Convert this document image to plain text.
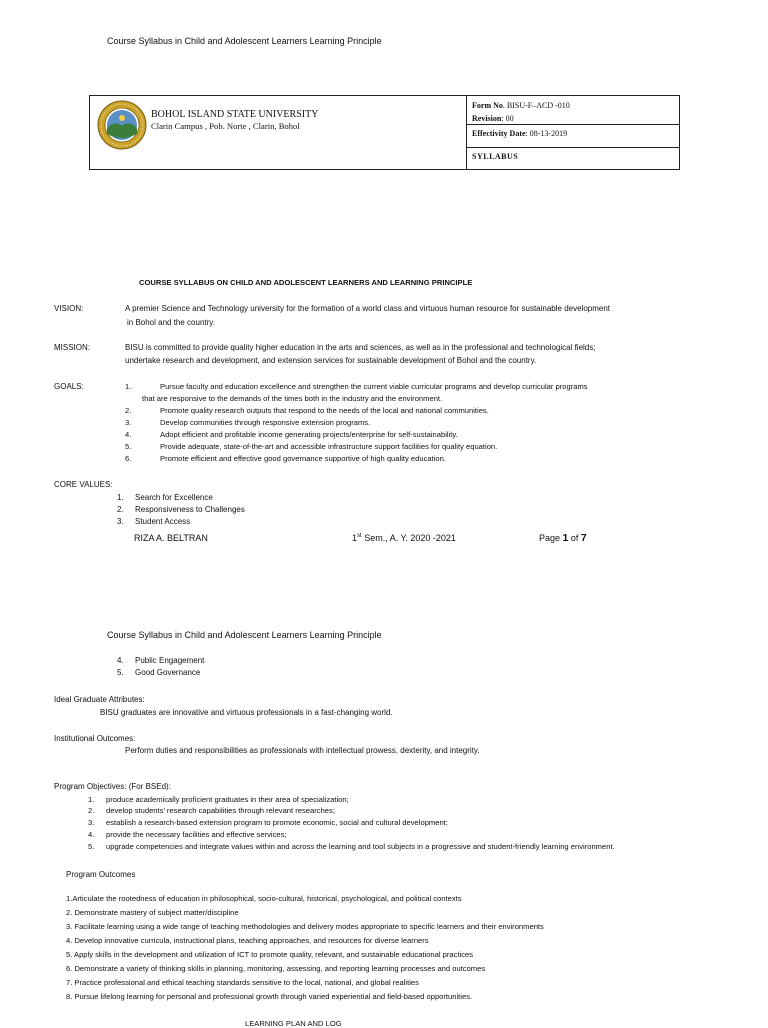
Course Syllabus in Child and Adolescent Learners Learning Principle
BOHOL ISLAND STATE UNIVERSITY
Clarin Campus , Pob. Norte , Clarin, Bohol
Form No. BISU-F–ACD -010
Revision: 00
Effectivity Date: 08-13-2019
SYLLABUS
COURSE SYLLABUS ON CHILD AND ADOLESCENT LEARNERS AND LEARNING PRINCIPLE
VISION:	A premier Science and Technology university for the formation of a world class and virtuous human resource for sustainable development
in Bohol and the country.
MISSION:	BISU is committed to provide quality higher education in the arts and sciences, as well as in the professional and technological fields;
undertake research and development, and extension services for sustainable development of Bohol and the country.
GOALS:	1.	Pursue faculty and education excellence and strengthen the current viable curricular programs and develop curricular programs
that are responsive to the demands of the times both in the industry and the environment.
2.	Promote quality research outputs that respond to the needs of the local and national communities.
3.	Develop communities through responsive extension programs.
4.	Adopt efficient and profitable income generating projects/enterprise for self-sustainability.
5.	Provide adequate, state-of-the-art and accessible infrastructure support facilities for quality equation.
6.	Promote efficient and effective good governance supportive of high quality education.
CORE VALUES:
1. Search for Excellence
2. Responsiveness to Challenges
3. Student Access
RIZA A. BELTRAN	1st Sem., A. Y. 2020 -2021	Page 1 of 7
Course Syllabus in Child and Adolescent Learners Learning Principle
4. Public Engagement
5. Good Governance
Ideal Graduate Attributes:
BISU graduates are innovative and virtuous professionals in a fast-changing world.
Institutional Outcomes:
Perform duties and responsibilities as professionals with intellectual prowess, dexterity, and integrity.
Program Objectives: (For BSEd):
1. produce academically proficient graduates in their area of specialization;
2. develop students’ research capabilities through relevant researches;
3. establish a research-based extension program to promote economic, social and cultural development;
4. provide the necessary facilities and effective services;
5. upgrade competencies and integrate values within and across the learning and tool subjects in a progressive and student-friendly learning environment.
Program Outcomes
1.Articulate the rootedness of education in philosophical, socio-cultural, historical, psychological, and political contexts
2. Demonstrate mastery of subject matter/discipline
3. Facilitate learning using a wide range of teaching methodologies and delivery modes appropriate to specific learners and their environments
4. Develop innovative curricula, instructional plans, teaching approaches, and resources for diverse learners
5. Apply skills in the development and utilization of ICT to promote quality, relevant, and sustainable educational practices
6. Demonstrate a variety of thinking skills in planning, monitoring, assessing, and reporting learning processes and outcomes
7. Practice professional and ethical teaching standards sensitive to the local, national, and global realities
8. Pursue lifelong learning for personal and professional growth through varied experiential and field-based opportunities.
LEARNING PLAN AND LOG
